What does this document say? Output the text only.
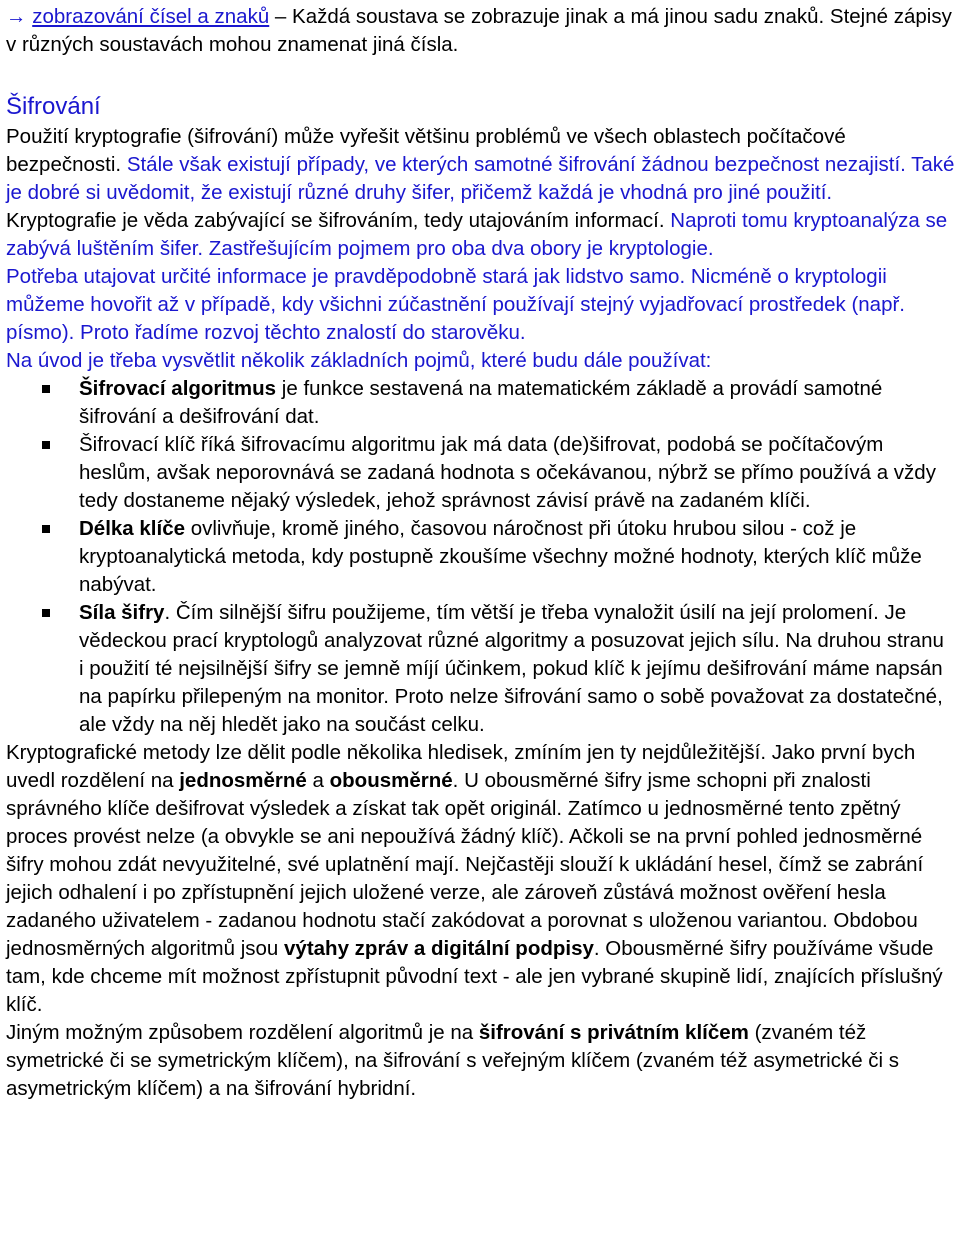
→ zobrazování čísel a znaků – Každá soustava se zobrazuje jinak a má jinou sadu znaků. Stejné zápisy v různých soustavách mohou znamenat jiná čísla.

Šifrování

Použití kryptografie (šifrování) může vyřešit většinu problémů ve všech oblastech počítačové bezpečnosti. Stále však existují případy, ve kterých samotné šifrování žádnou bezpečnost nezajistí. Také je dobré si uvědomit, že existují různé druhy šifer, přičemž každá je vhodná pro jiné použití.

Kryptografie je věda zabývající se šifrováním, tedy utajováním informací. Naproti tomu kryptoanalýza se zabývá luštěním šifer. Zastřešujícím pojmem pro oba dva obory je kryptologie.

Potřeba utajovat určité informace je pravděpodobně stará jak lidstvo samo. Nicméně o kryptologii můžeme hovořit až v případě, kdy všichni zúčastnění používají stejný vyjadřovací prostředek (např. písmo). Proto řadíme rozvoj těchto znalostí do starověku.

Na úvod je třeba vysvětlit několik základních pojmů, které budu dále používat:

Šifrovací algoritmus je funkce sestavená na matematickém základě a provádí samotné šifrování a dešifrování dat.
Šifrovací klíč říká šifrovacímu algoritmu jak má data (de)šifrovat, podobá se počítačovým heslům, avšak neporovnává se zadaná hodnota s očekávanou, nýbrž se přímo používá a vždy tedy dostaneme nějaký výsledek, jehož správnost závisí právě na zadaném klíči.
Délka klíče ovlivňuje, kromě jiného, časovou náročnost při útoku hrubou silou - což je kryptoanalytická metoda, kdy postupně zkoušíme všechny možné hodnoty, kterých klíč může nabývat.
Síla šifry. Čím silnější šifru použijeme, tím větší je třeba vynaložit úsilí na její prolomení. Je vědeckou prací kryptologů analyzovat různé algoritmy a posuzovat jejich sílu. Na druhou stranu i použití té nejsilnější šifry se jemně míjí účinkem, pokud klíč k jejímu dešifrování máme napsán na papírku přilepeným na monitor. Proto nelze šifrování samo o sobě považovat za dostatečné, ale vždy na něj hledět jako na součást celku.

Kryptografické metody lze dělit podle několika hledisek, zmíním jen ty nejdůležitější. Jako první bych uvedl rozdělení na jednosměrné a obousměrné. U obousměrné šifry jsme schopni při znalosti správného klíče dešifrovat výsledek a získat tak opět originál. Zatímco u jednosměrné tento zpětný proces provést nelze (a obvykle se ani nepoužívá žádný klíč). Ačkoli se na první pohled jednosměrné šifry mohou zdát nevyužitelné, své uplatnění mají. Nejčastěji slouží k ukládání hesel, čímž se zabrání jejich odhalení i po zpřístupnění jejich uložené verze, ale zároveň zůstává možnost ověření hesla zadaného uživatelem - zadanou hodnotu stačí zakódovat a porovnat s uloženou variantou. Obdobou jednosměrných algoritmů jsou výtahy zpráv a digitální podpisy. Obousměrné šifry používáme všude tam, kde chceme mít možnost zpřístupnit původní text - ale jen vybrané skupině lidí, znajících příslušný klíč.

Jiným možným způsobem rozdělení algoritmů je na šifrování s privátním klíčem (zvaném též symetrické či se symetrickým klíčem), na šifrování s veřejným klíčem (zvaném též asymetrické či s asymetrickým klíčem) a na šifrování hybridní.
